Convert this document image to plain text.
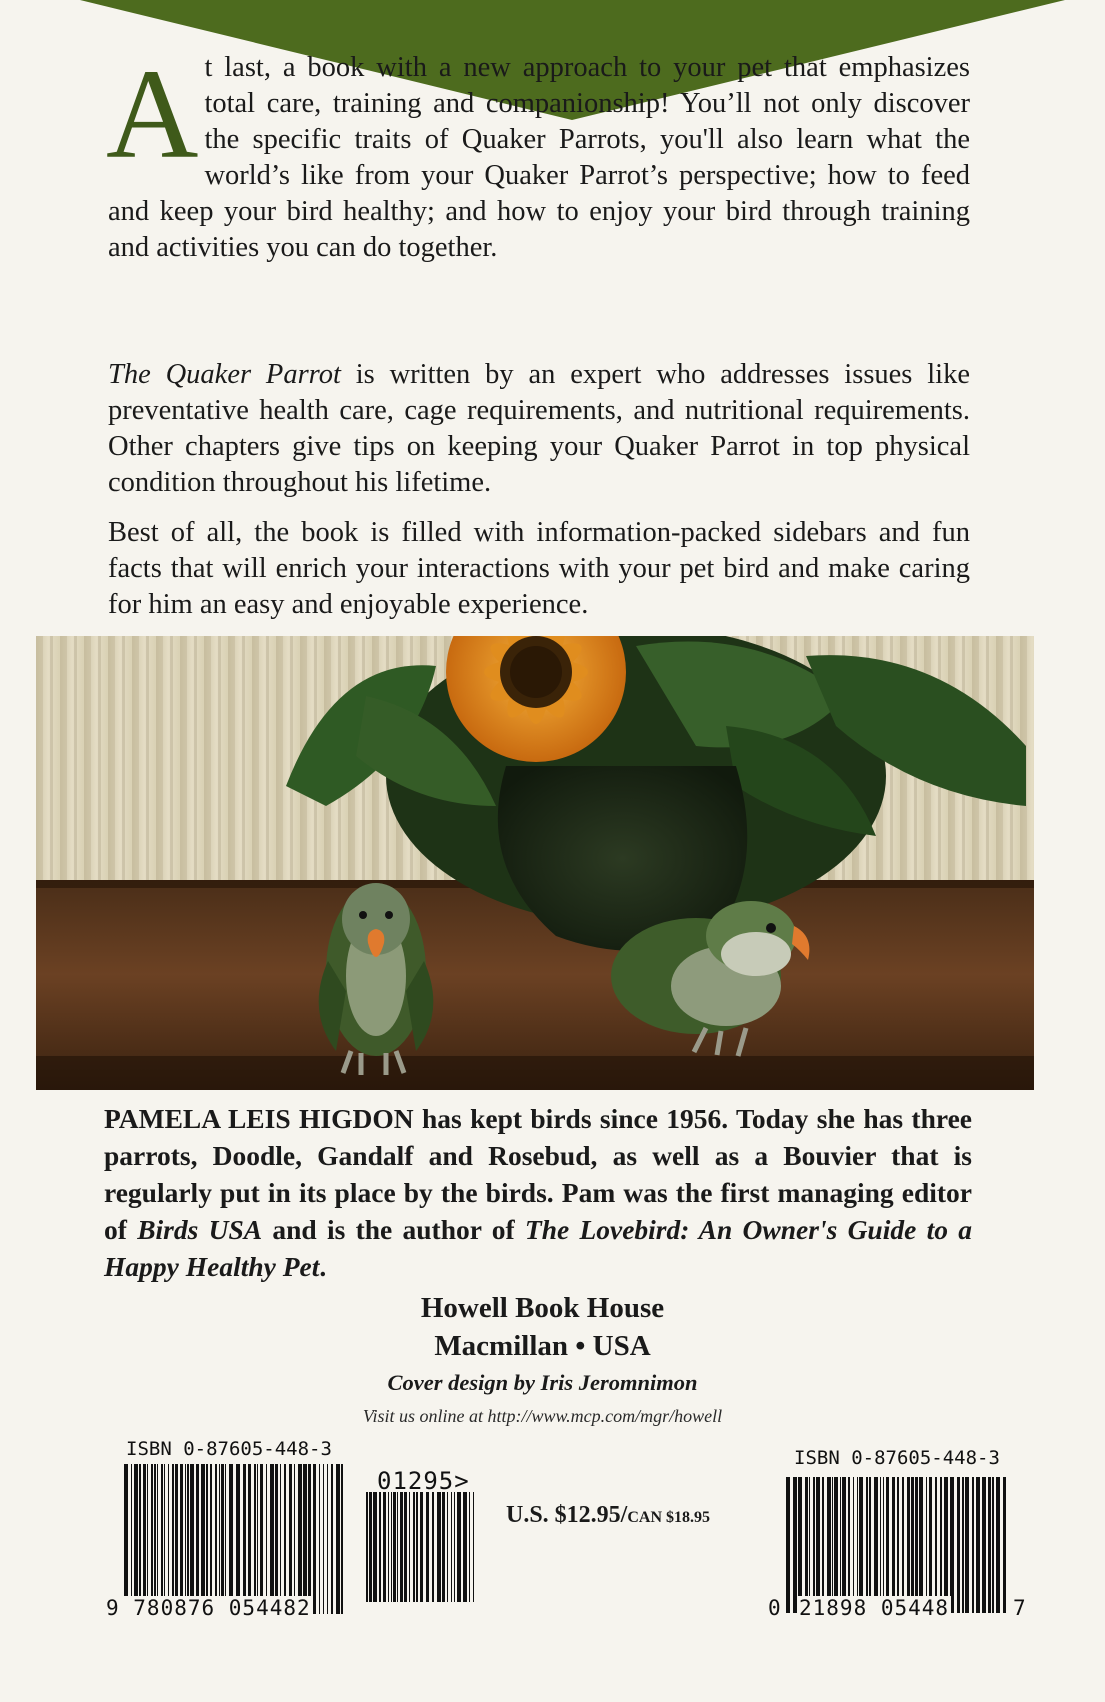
At last, a book with a new approach to your pet that emphasizes total care, training and companionship! You’ll not only discover the specific traits of Quaker Parrots, you'll also learn what the world’s like from your Quaker Parrot’s perspective; how to feed and keep your bird healthy; and how to enjoy your bird through training and activities you can do together.

The Quaker Parrot is written by an expert who addresses issues like preventative health care, cage requirements, and nutritional requirements. Other chapters give tips on keeping your Quaker Parrot in top physical condition throughout his lifetime.

Best of all, the book is filled with information-packed sidebars and fun facts that will enrich your interactions with your pet bird and make caring for him an easy and enjoyable experience.

PAMELA LEIS HIGDON has kept birds since 1956. Today she has three parrots, Doodle, Gandalf and Rosebud, as well as a Bouvier that is regularly put in its place by the birds. Pam was the first managing editor of Birds USA and is the author of The Lovebird: An Owner's Guide to a Happy Healthy Pet.
Howell Book House
Macmillan • USA
Cover design by Iris Jeromnimon
Visit us online at http://www.mcp.com/mgr/howell
ISBN 0-87605-448-3	ISBN 0-87605-448-3
01295>
9 780876 054482	0 21898 05448	7
U.S. $12.95/CAN $18.95
